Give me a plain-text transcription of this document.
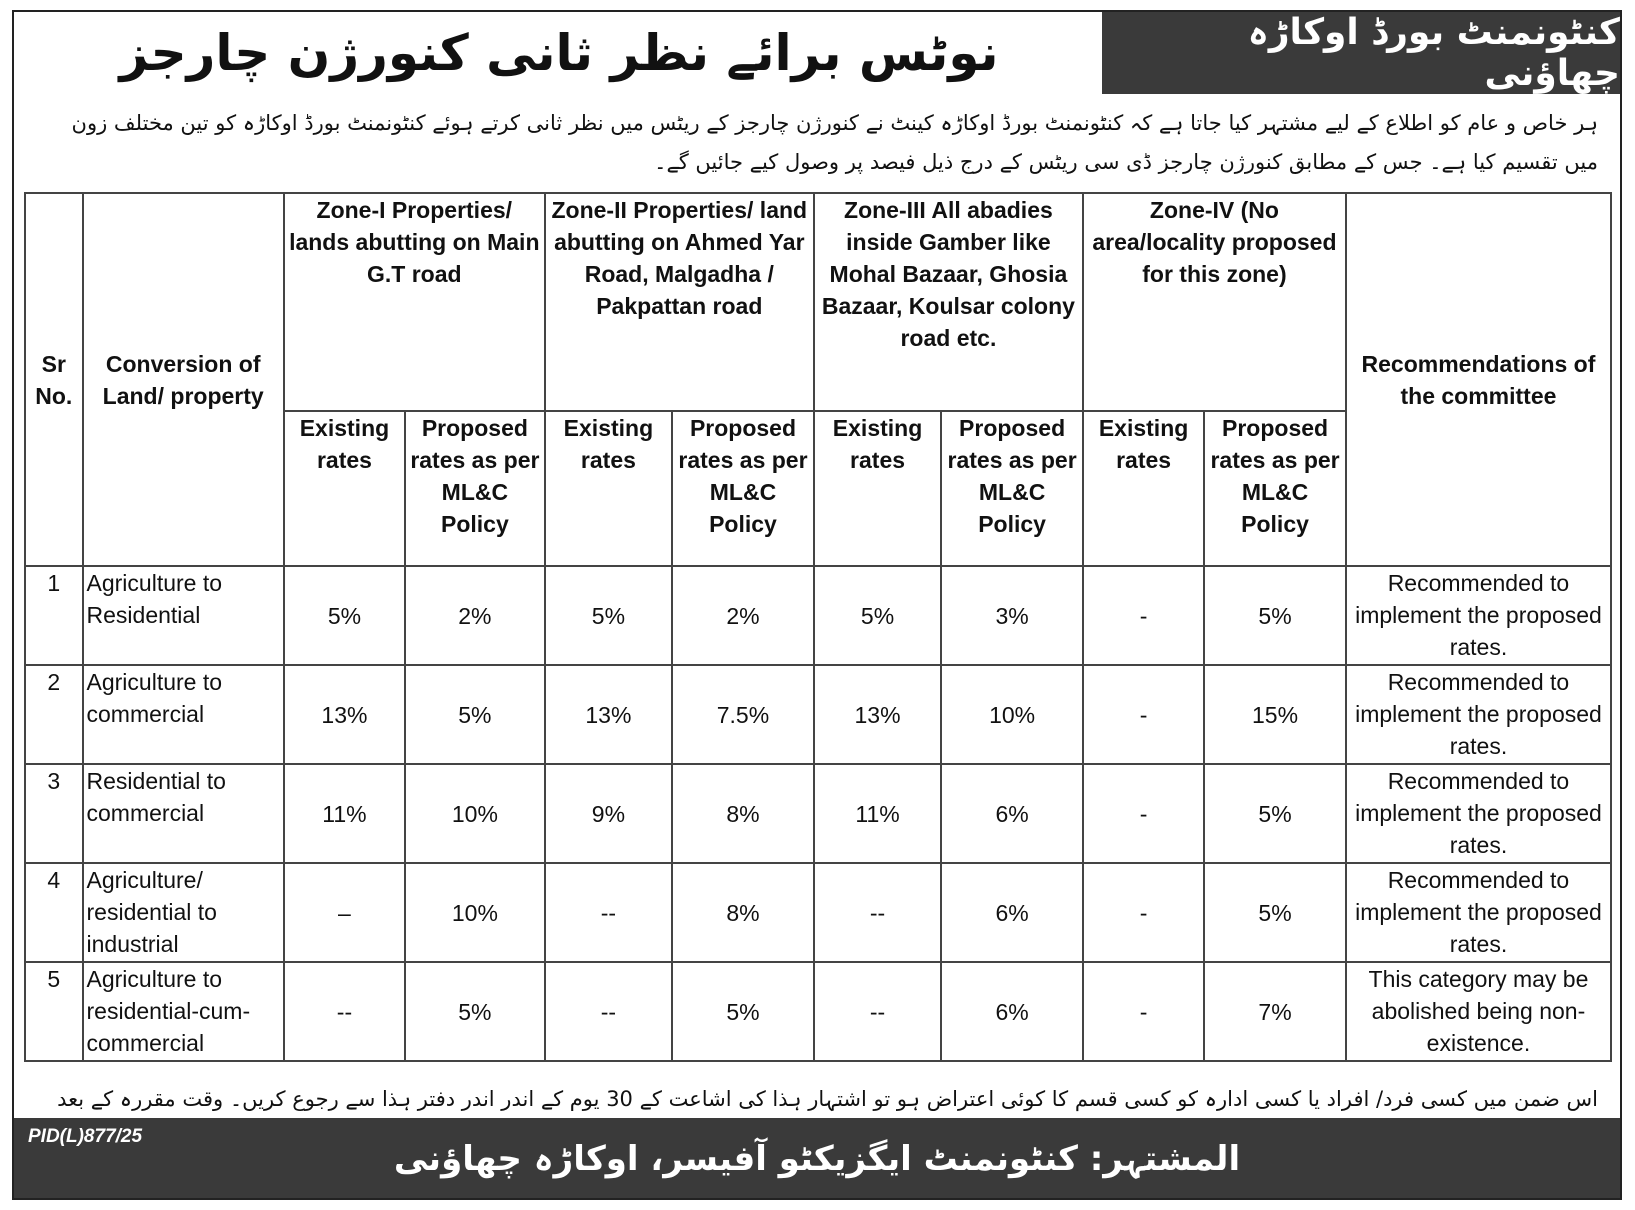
نوٹس برائے نظر ثانی کنورژن چارجز	کنٹونمنٹ بورڈ اوکاڑہ چھاؤنی
ہر خاص و عام کو اطلاع کے لیے مشتہر کیا جاتا ہے کہ کنٹونمنٹ بورڈ اوکاڑہ کینٹ نے کنورژن چارجز کے ریٹس میں نظر ثانی کرتے ہوئے کنٹونمنٹ بورڈ اوکاڑہ کو تین مختلف زون میں تقسیم کیا ہے۔ جس کے مطابق کنورژن چارجز ڈی سی ریٹس کے درج ذیل فیصد پر وصول کیے جائیں گے۔
Sr No.	Conversion of Land/ property	Zone-I Properties/ lands abutting on Main G.T road		Zone-II Properties/ land abutting on Ahmed Yar Road, Malgadha / Pakpattan road		Zone-III All abadies inside Gamber like Mohal Bazaar, Ghosia Bazaar, Koulsar colony road etc.		Zone-IV (No area/locality proposed for this zone)		Recommendations of the committee
		Existing rates	Proposed rates as per ML&C Policy	Existing rates	Proposed rates as per ML&C Policy	Existing rates	Proposed rates as per ML&C Policy	Existing rates	Proposed rates as per ML&C Policy	
1	Agriculture to Residential	5%	2%	5%	2%	5%	3%	-	5%	Recommended to implement the proposed rates.
2	Agriculture to commercial	13%	5%	13%	7.5%	13%	10%	-	15%	Recommended to implement the proposed rates.
3	Residential to commercial	11%	10%	9%	8%	11%	6%	-	5%	Recommended to implement the proposed rates.
4	Agriculture/ residential to industrial	–	10%	--	8%	--	6%	-	5%	Recommended to implement the proposed rates.
5	Agriculture to residential-cum-commercial	--	5%	--	5%	--	6%	-	7%	This category may be abolished being non-existence.
اس ضمن میں کسی فرد/ افراد یا کسی ادارہ کو کسی قسم کا کوئی اعتراض ہو تو اشتہار ہذا کی اشاعت کے 30 یوم کے اندر اندر دفتر ہذا سے رجوع کریں۔ وقت مقررہ کے بعد
المشتہر: کنٹونمنٹ ایگزیکٹو آفیسر، اوکاڑہ چھاؤنی
PID(L)877/25
